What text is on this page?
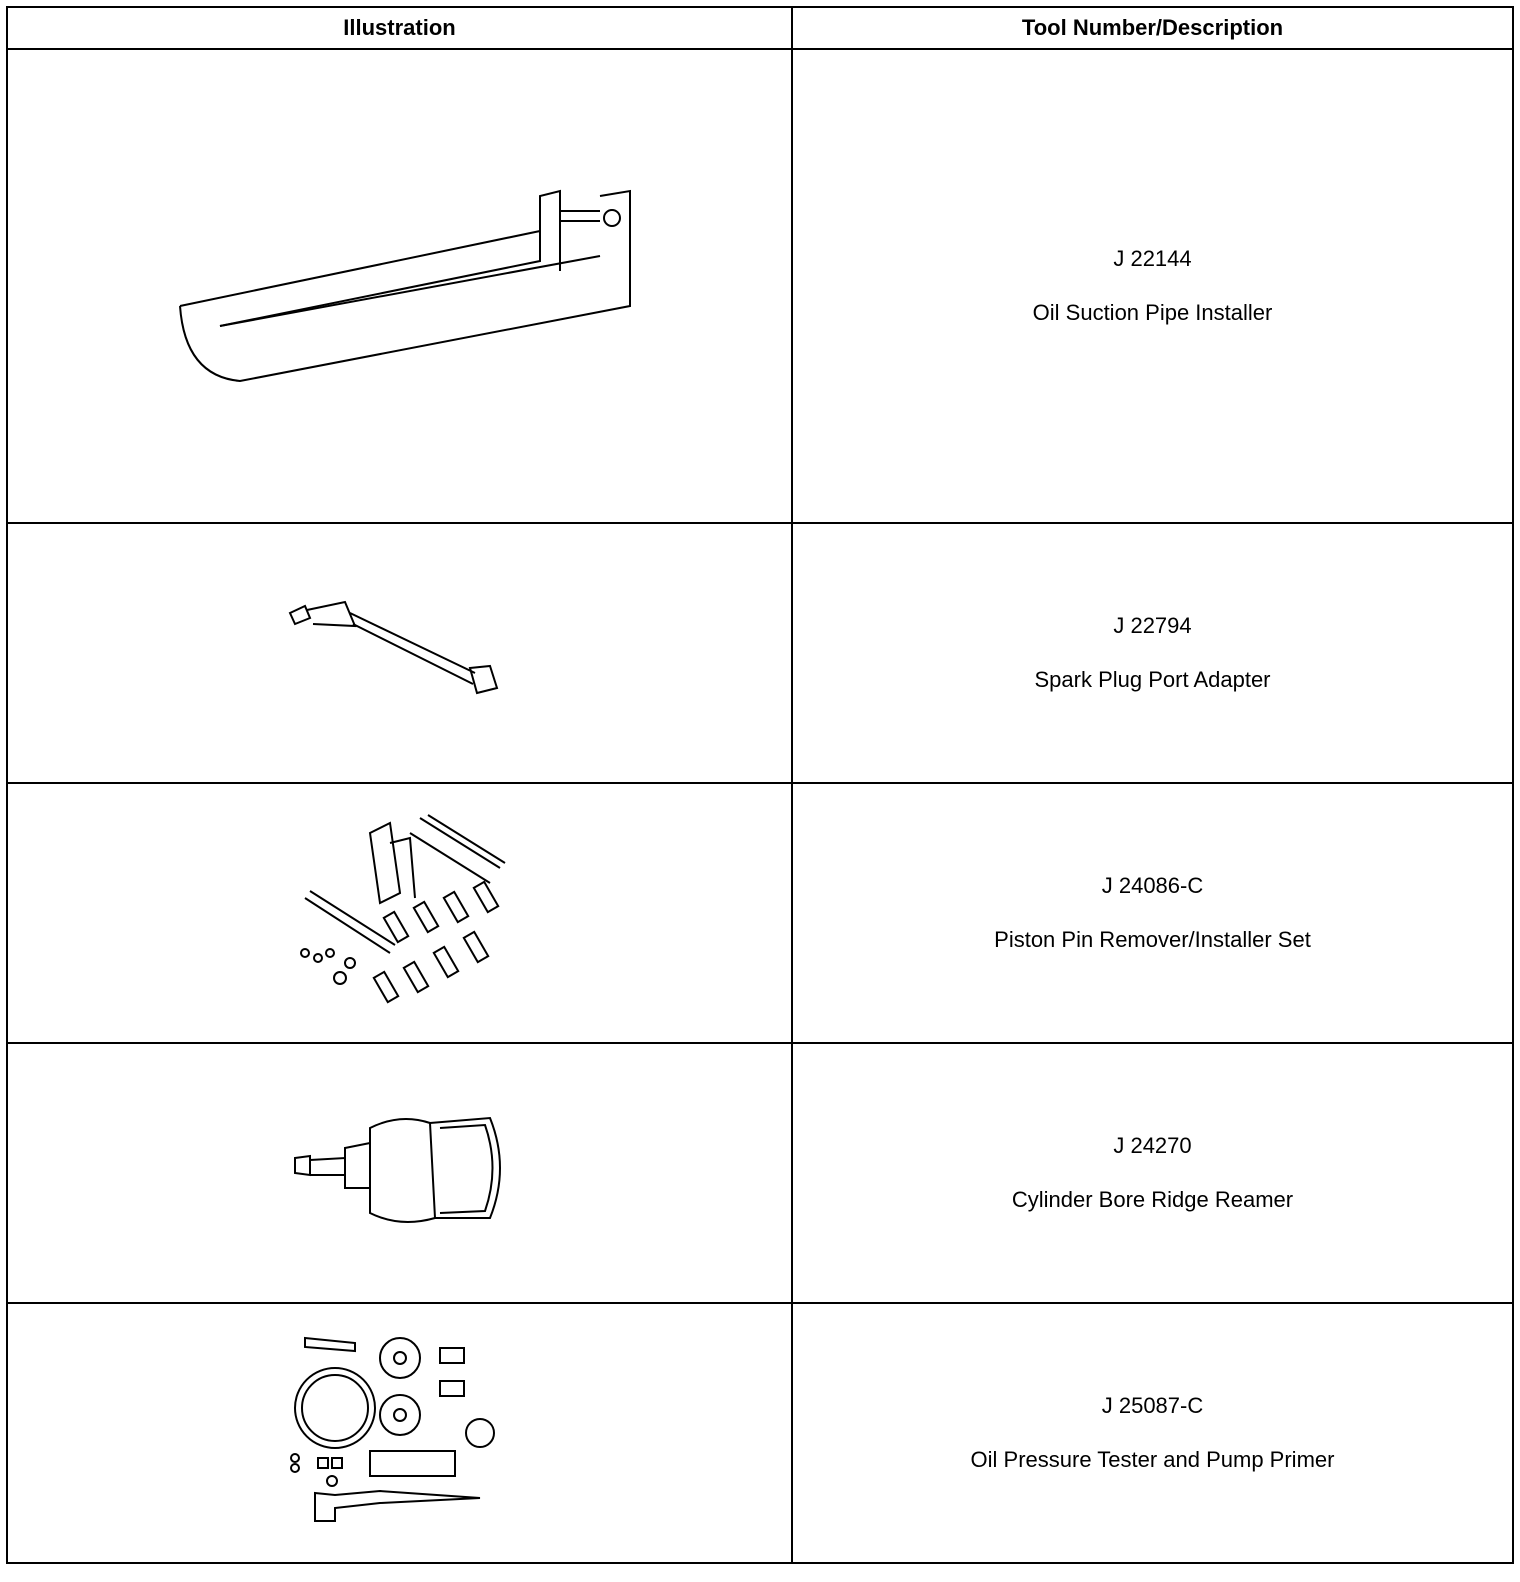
Illustration	Tool Number/Description

J 22144
Oil Suction Pipe Installer

J 22794
Spark Plug Port Adapter

J 24086-C
Piston Pin Remover/Installer Set

J 24270
Cylinder Bore Ridge Reamer

J 25087-C
Oil Pressure Tester and Pump Primer
